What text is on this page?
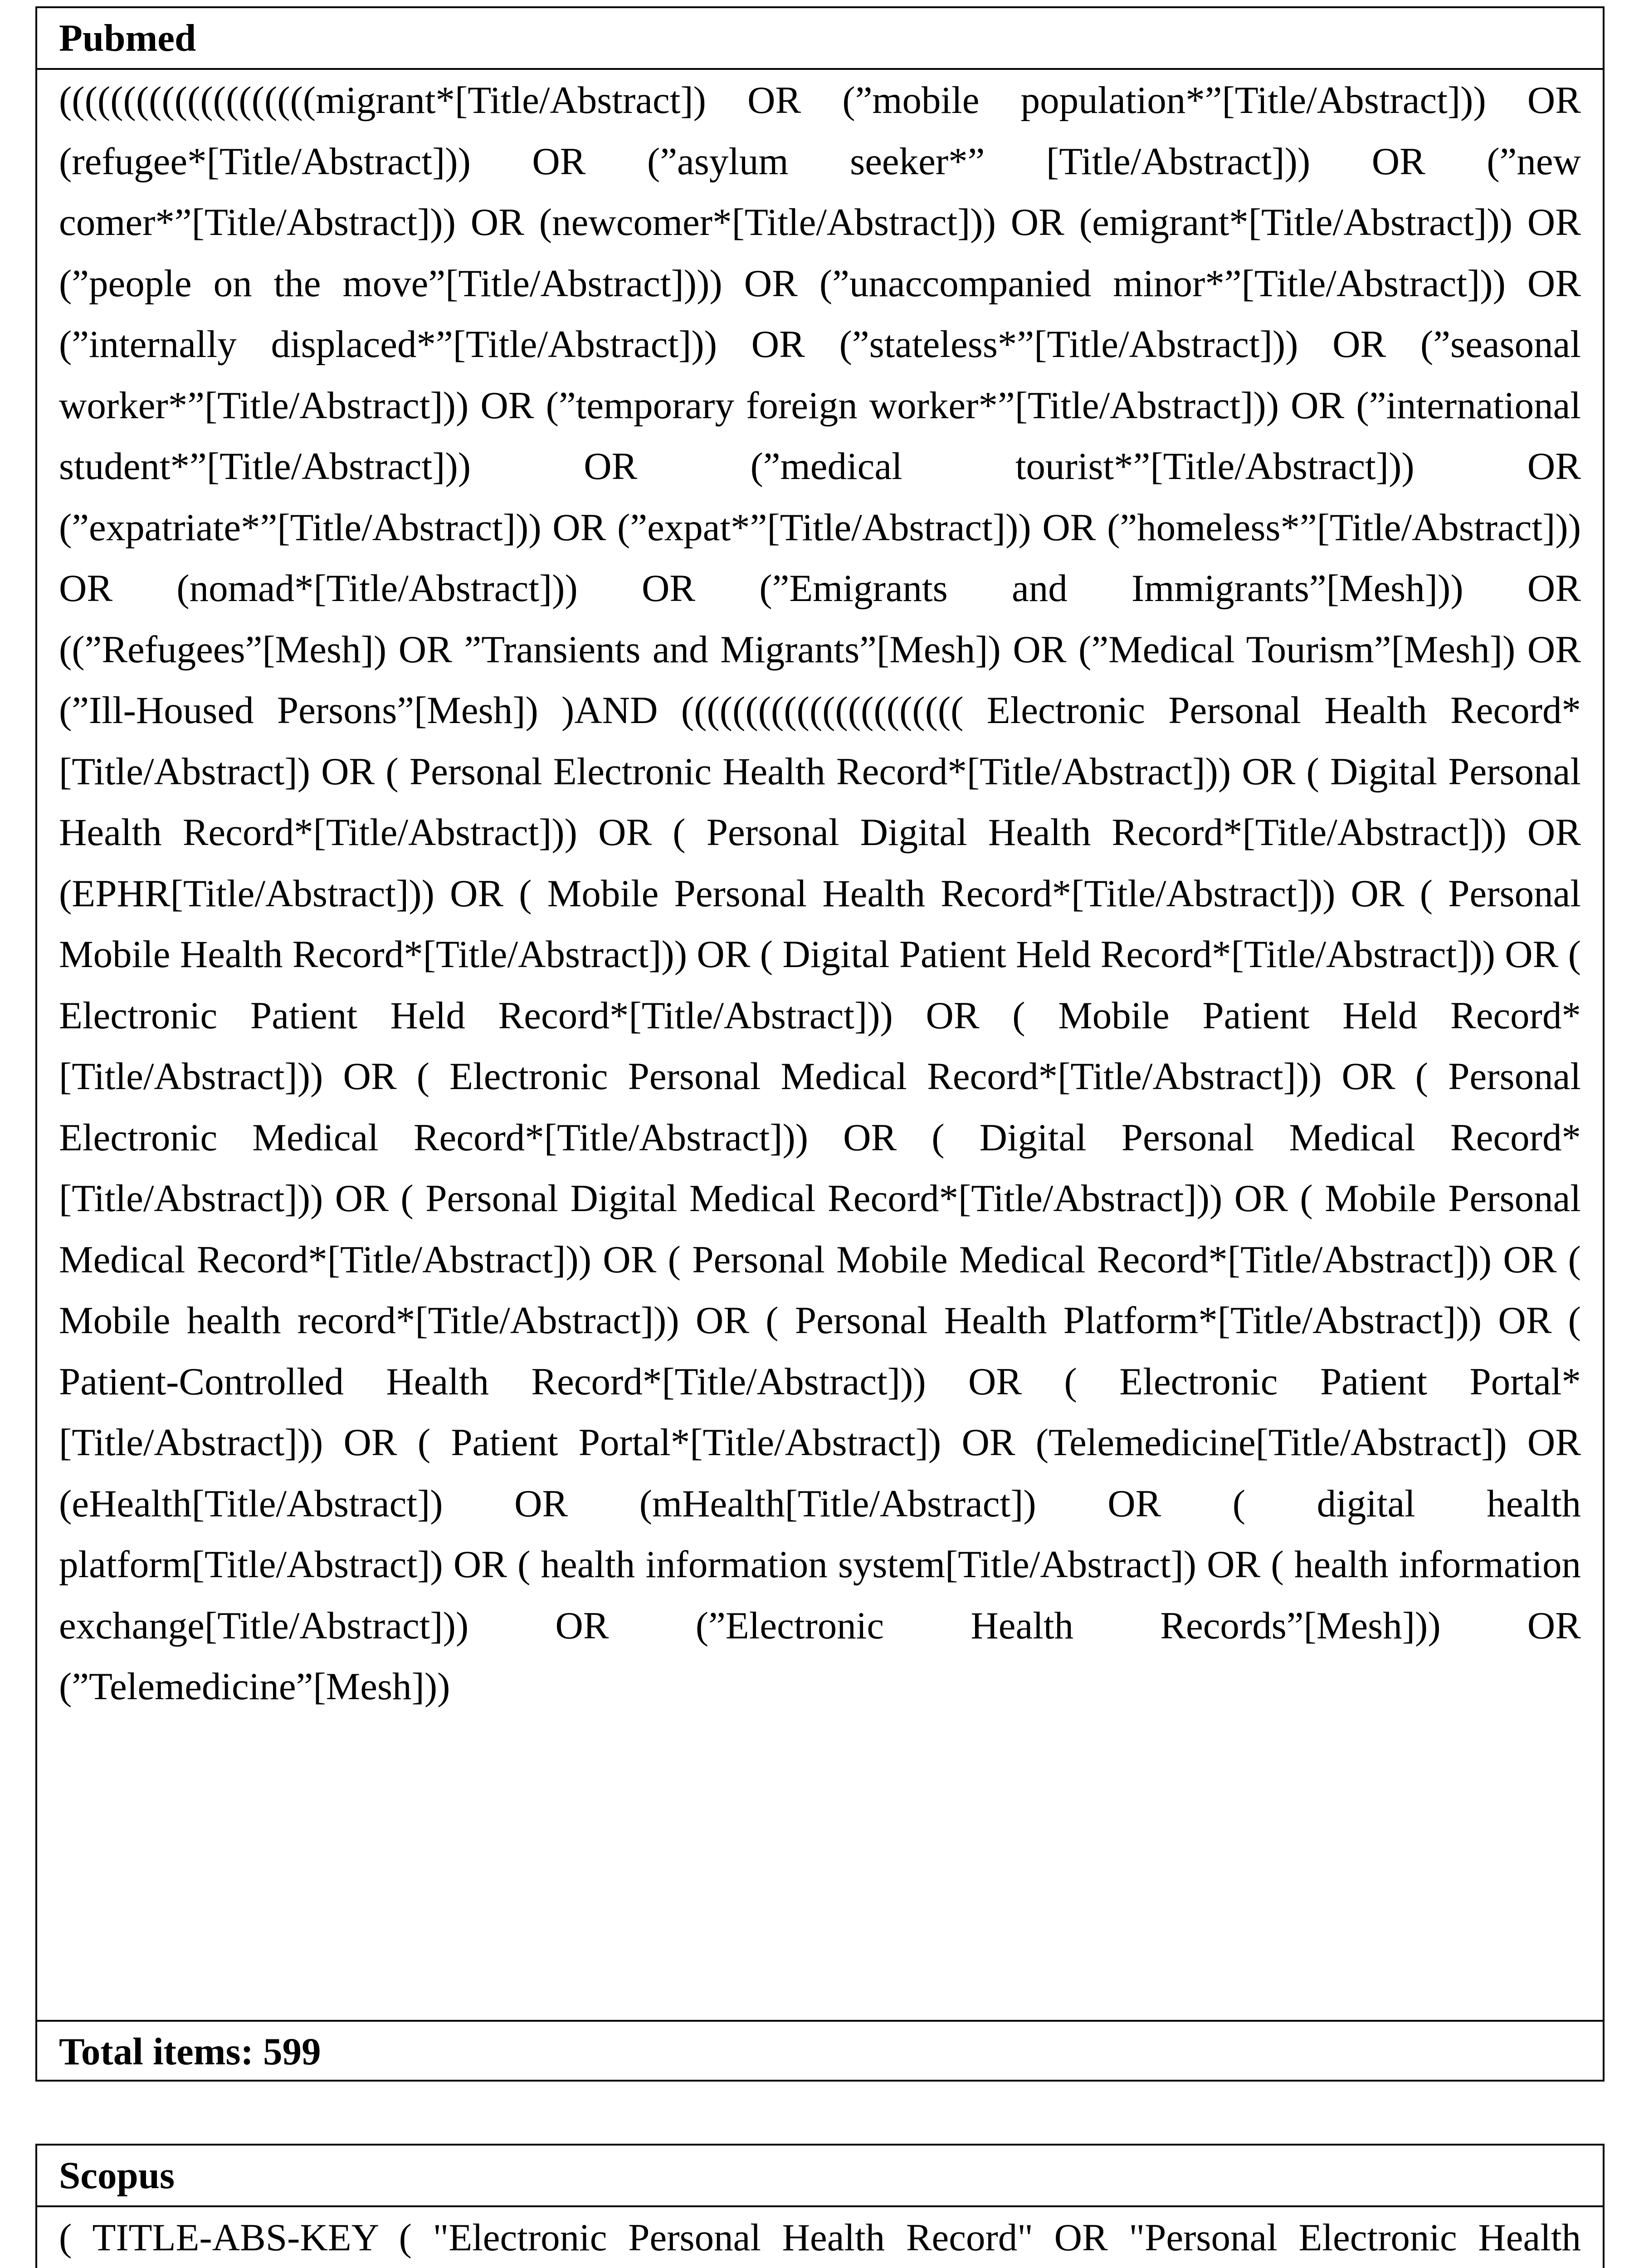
Pubmed
((((((((((((((((((((migrant*[Title/Abstract]) OR (”mobile population*”[Title/Abstract])) OR (refugee*[Title/Abstract])) OR (”asylum seeker*” [Title/Abstract])) OR (”new comer*”[Title/Abstract])) OR (newcomer*[Title/Abstract])) OR (emigrant*[Title/Abstract])) OR (”people on the move”[Title/Abstract]))) OR (”unaccompanied minor*”[Title/Abstract])) OR (”internally displaced*”[Title/Abstract])) OR (”stateless*”[Title/Abstract])) OR (”seasonal worker*”[Title/Abstract])) OR (”temporary foreign worker*”[Title/Abstract])) OR (”international student*”[Title/Abstract])) OR (”medical tourist*”[Title/Abstract])) OR (”expatriate*”[Title/Abstract])) OR (”expat*”[Title/Abstract])) OR (”homeless*”[Title/Abstract])) OR (nomad*[Title/Abstract])) OR (”Emigrants and Immigrants”[Mesh])) OR ((”Refugees”[Mesh]) OR ”Transients and Migrants”[Mesh]) OR (”Medical Tourism”[Mesh]) OR (”Ill-Housed Persons”[Mesh]) )AND (((((((((((((((((((((( Electronic Personal Health Record*[Title/Abstract]) OR ( Personal Electronic Health Record*[Title/Abstract])) OR ( Digital Personal Health Record*[Title/Abstract])) OR ( Personal Digital Health Record*[Title/Abstract])) OR (EPHR[Title/Abstract])) OR ( Mobile Personal Health Record*[Title/Abstract])) OR ( Personal Mobile Health Record*[Title/Abstract])) OR ( Digital Patient Held Record*[Title/Abstract])) OR ( Electronic Patient Held Record*[Title/Abstract])) OR ( Mobile Patient Held Record*[Title/Abstract])) OR ( Electronic Personal Medical Record*[Title/Abstract])) OR ( Personal Electronic Medical Record*[Title/Abstract])) OR ( Digital Personal Medical Record*[Title/Abstract])) OR ( Personal Digital Medical Record*[Title/Abstract])) OR ( Mobile Personal Medical Record*[Title/Abstract])) OR ( Personal Mobile Medical Record*[Title/Abstract])) OR ( Mobile health record*[Title/Abstract])) OR ( Personal Health Platform*[Title/Abstract])) OR ( Patient-Controlled Health Record*[Title/Abstract])) OR ( Electronic Patient Portal*[Title/Abstract])) OR ( Patient Portal*[Title/Abstract]) OR (Telemedicine[Title/Abstract]) OR (eHealth[Title/Abstract]) OR (mHealth[Title/Abstract]) OR ( digital health platform[Title/Abstract]) OR ( health information system[Title/Abstract]) OR ( health information exchange[Title/Abstract])) OR (”Electronic Health Records”[Mesh])) OR (”Telemedicine”[Mesh]))
Total items: 599
Scopus
( TITLE-ABS-KEY ( "Electronic Personal Health Record" OR "Personal Electronic Health
